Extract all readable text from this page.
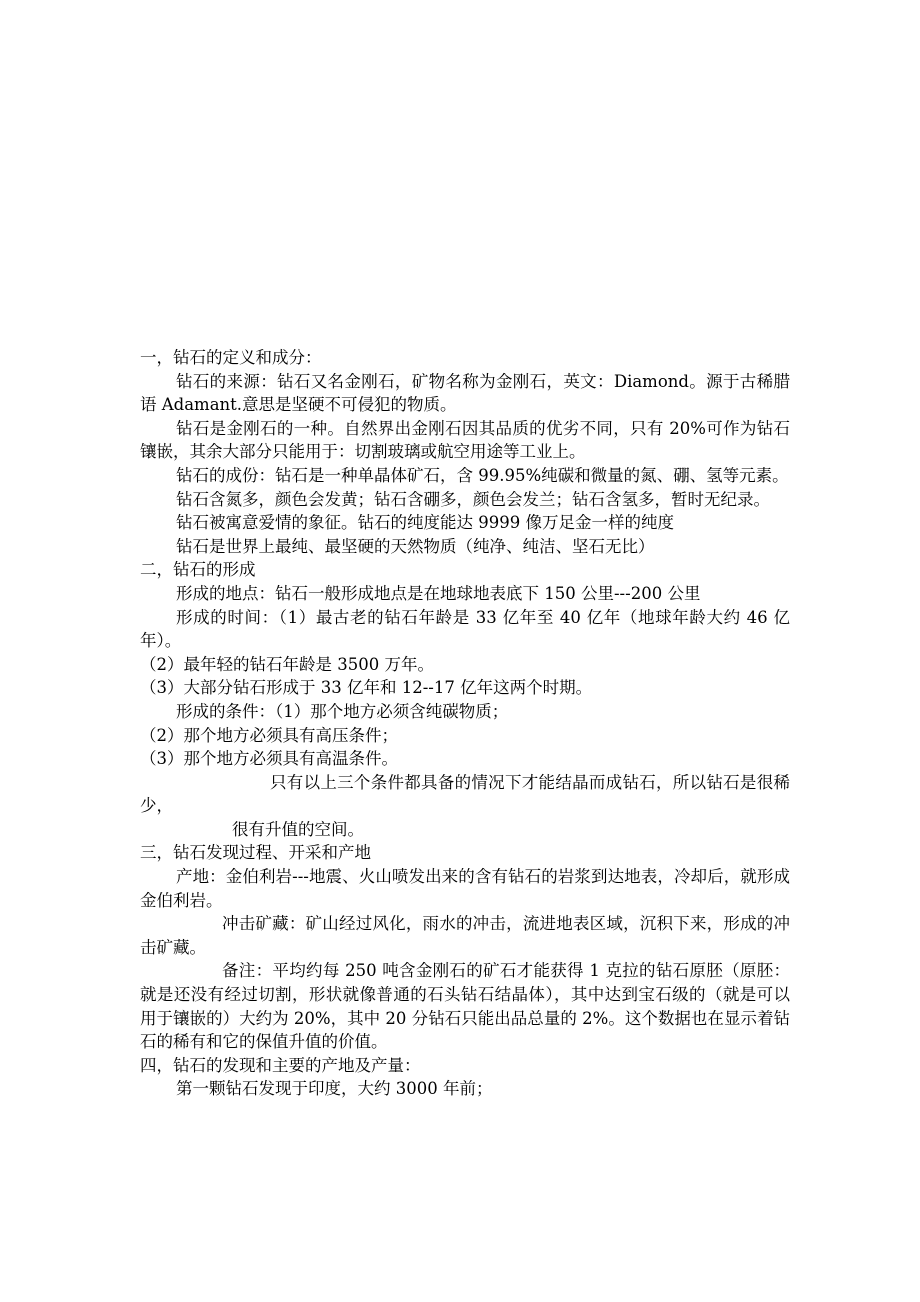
一，钻石的定义和成分：

钻石的来源：钻石又名金刚石，矿物名称为金刚石，英文：Diamond。源于古稀腊语 Adamant.意思是坚硬不可侵犯的物质。

钻石是金刚石的一种。自然界出金刚石因其品质的优劣不同，只有 20%可作为钻石镶嵌，其余大部分只能用于：切割玻璃或航空用途等工业上。

钻石的成份：钻石是一种单晶体矿石，含 99.95%纯碳和微量的氮、硼、氢等元素。

钻石含氮多，颜色会发黄；钻石含硼多，颜色会发兰；钻石含氢多，暂时无纪录。

钻石被寓意爱情的象征。钻石的纯度能达 9999 像万足金一样的纯度

钻石是世界上最纯、最坚硬的天然物质（纯净、纯洁、坚石无比）

二，钻石的形成

形成的地点：钻石一般形成地点是在地球地表底下 150 公里---200 公里

形成的时间：（1）最古老的钻石年龄是 33 亿年至 40 亿年（地球年龄大约 46 亿年）。

（2）最年轻的钻石年龄是 3500 万年。

（3）大部分钻石形成于 33 亿年和 12--17 亿年这两个时期。

形成的条件：（1）那个地方必须含纯碳物质；

（2）那个地方必须具有高压条件；

（3）那个地方必须具有高温条件。

只有以上三个条件都具备的情况下才能结晶而成钻石，所以钻石是很稀少，

很有升值的空间。

三，钻石发现过程、开采和产地

产地：金伯利岩---地震、火山喷发出来的含有钻石的岩浆到达地表，冷却后，就形成金伯利岩。

冲击矿藏：矿山经过风化，雨水的冲击，流进地表区域，沉积下来，形成的冲击矿藏。

备注：平均约每 250 吨含金刚石的矿石才能获得 1 克拉的钻石原胚（原胚：就是还没有经过切割，形状就像普通的石头钻石结晶体），其中达到宝石级的（就是可以用于镶嵌的）大约为 20%，其中 20 分钻石只能出品总量的 2%。这个数据也在显示着钻石的稀有和它的保值升值的价值。

四，钻石的发现和主要的产地及产量：

第一颗钻石发现于印度，大约 3000 年前；
